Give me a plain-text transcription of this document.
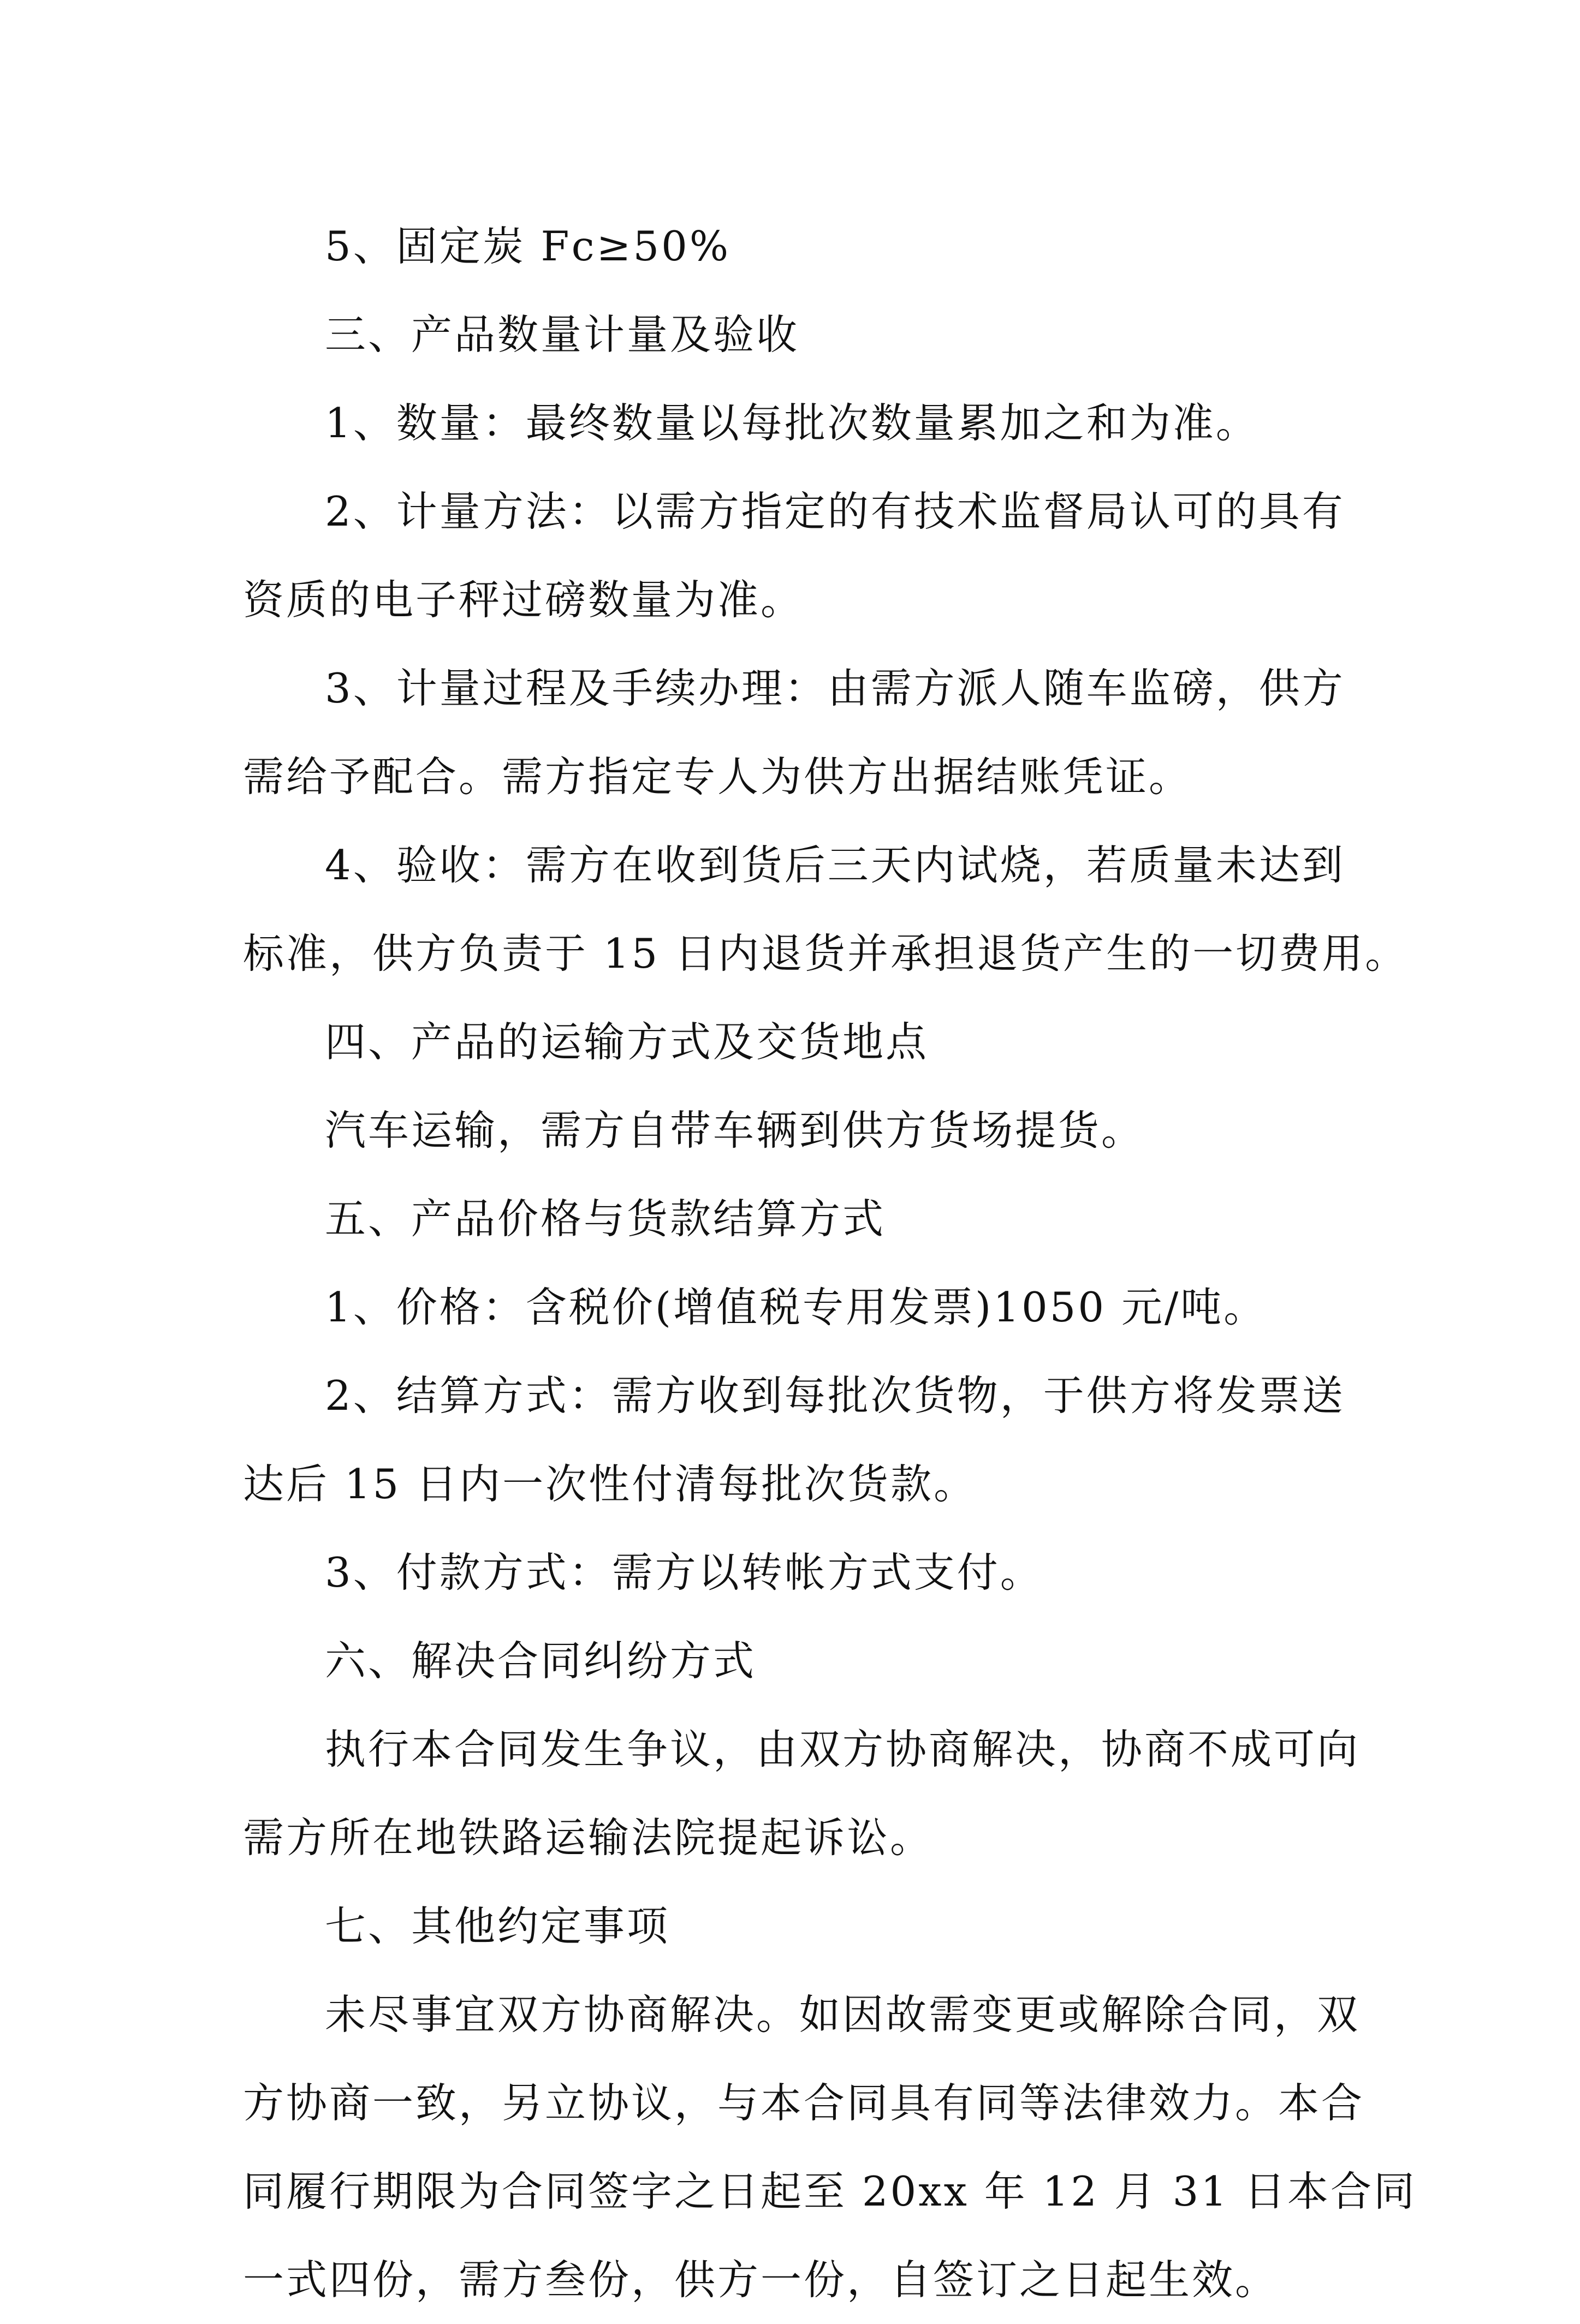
5、固定炭 Fc≥50%
三、产品数量计量及验收
1、数量：最终数量以每批次数量累加之和为准。
2、计量方法：以需方指定的有技术监督局认可的具有
资质的电子秤过磅数量为准。
3、计量过程及手续办理：由需方派人随车监磅，供方
需给予配合。需方指定专人为供方出据结账凭证。
4、验收：需方在收到货后三天内试烧，若质量未达到
标准，供方负责于 15 日内退货并承担退货产生的一切费用。
四、产品的运输方式及交货地点
汽车运输，需方自带车辆到供方货场提货。
五、产品价格与货款结算方式
1、价格：含税价(增值税专用发票)1050 元/吨。
2、结算方式：需方收到每批次货物，于供方将发票送
达后 15 日内一次性付清每批次货款。
3、付款方式：需方以转帐方式支付。
六、解决合同纠纷方式
执行本合同发生争议，由双方协商解决，协商不成可向
需方所在地铁路运输法院提起诉讼。
七、其他约定事项
未尽事宜双方协商解决。如因故需变更或解除合同，双
方协商一致，另立协议，与本合同具有同等法律效力。本合
同履行期限为合同签字之日起至 20xx 年 12 月 31 日本合同
一式四份，需方叁份，供方一份，自签订之日起生效。
